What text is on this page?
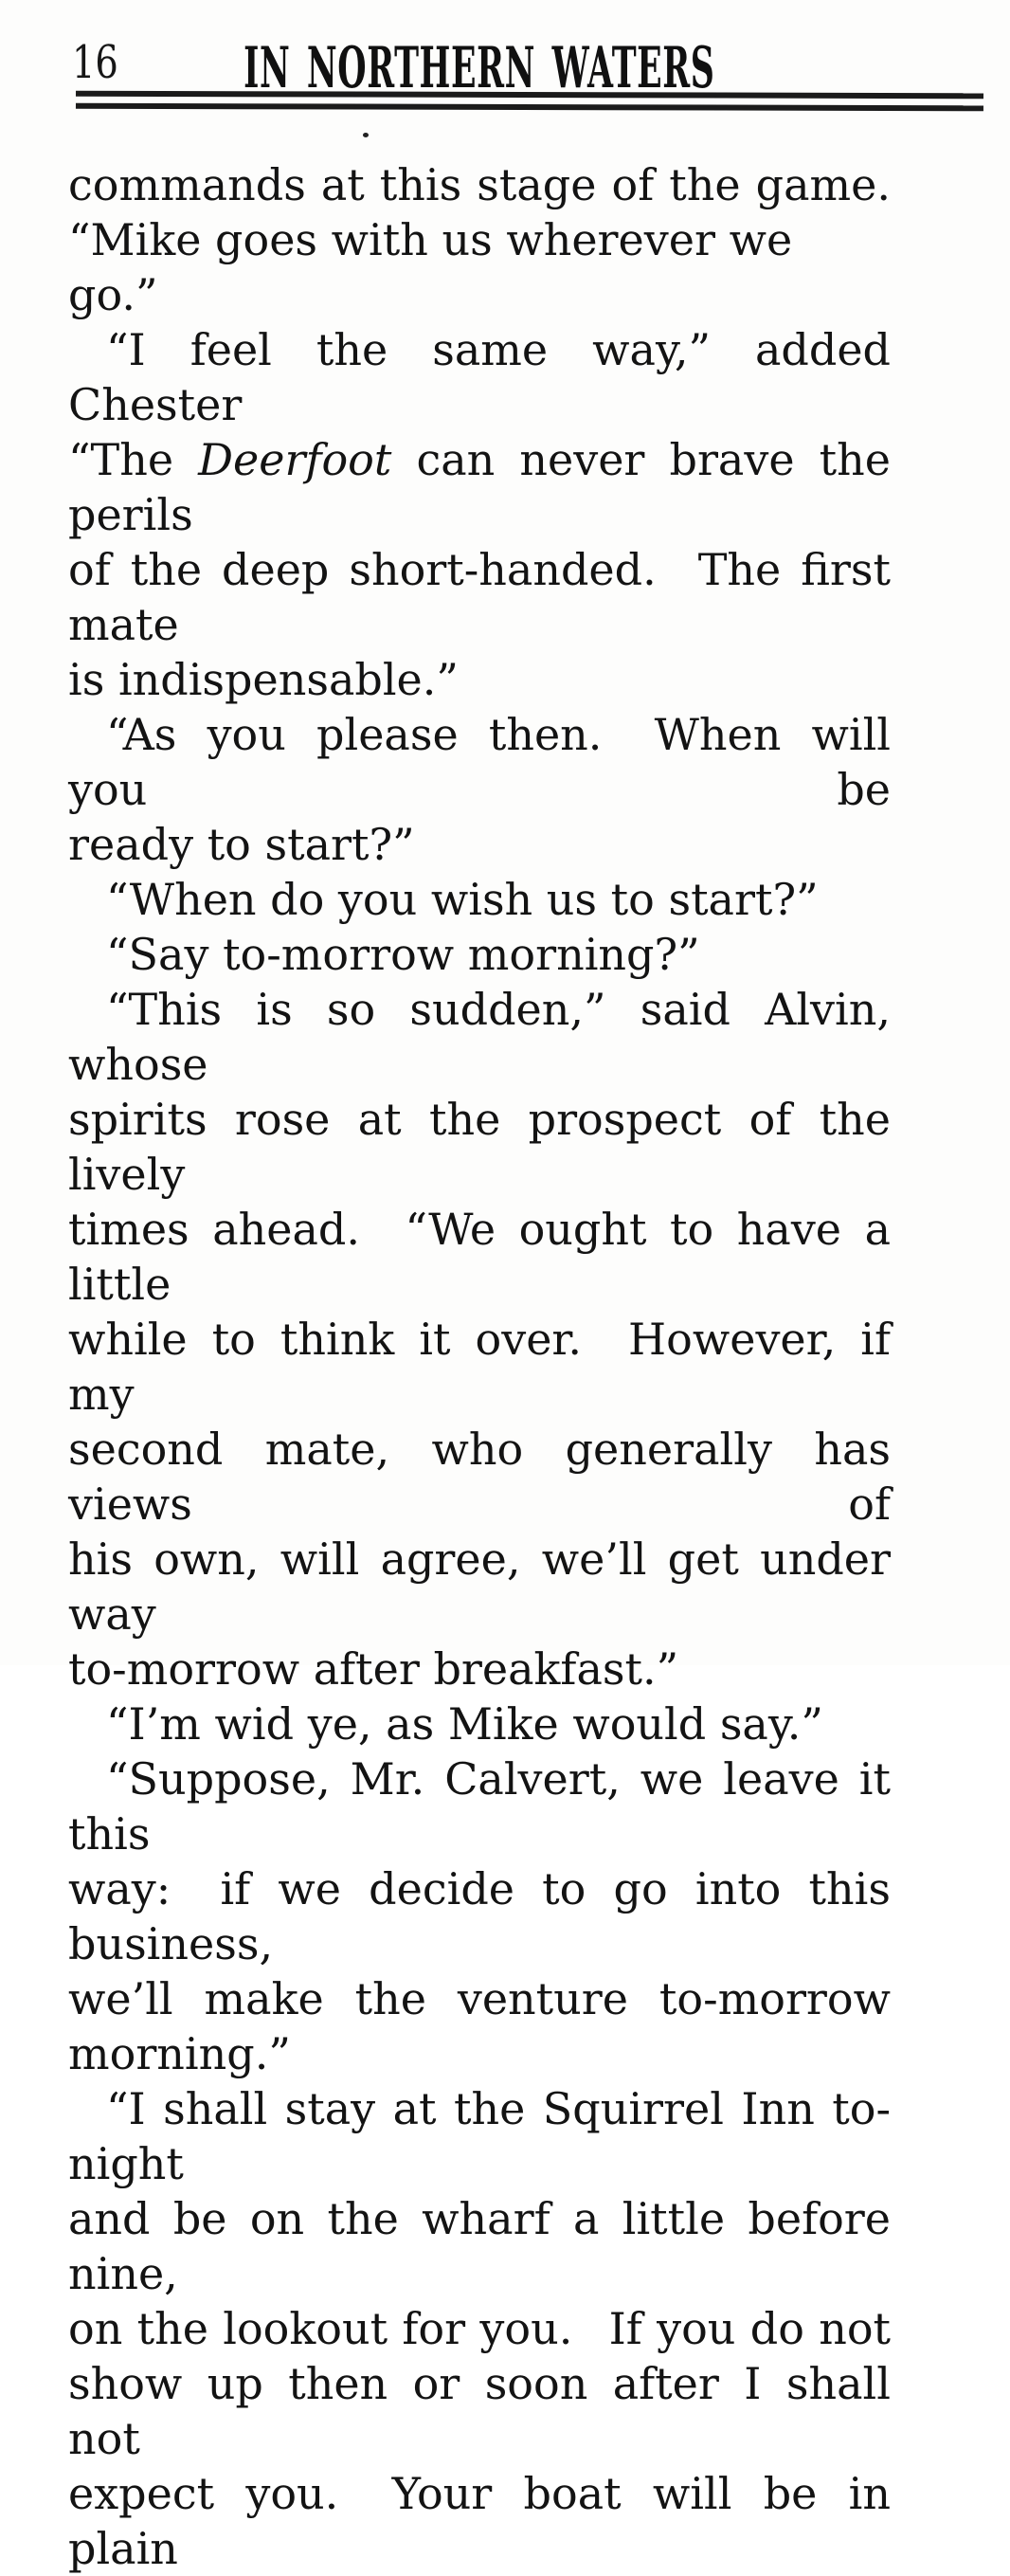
16 IN NORTHERN WATERS
commands at this stage of the game.
“Mike goes with us wherever we go.”
“I feel the same way,” added Chester
“The Deerfoot can never brave the perils
of the deep short-handed.  The first mate
is indispensable.”
“As you please then.  When will you be
ready to start?”
“When do you wish us to start?”
“Say to-morrow morning?”
“This is so sudden,” said Alvin, whose
spirits rose at the prospect of the lively
times ahead.  “We ought to have a little
while to think it over.  However, if my
second mate, who generally has views of
his own, will agree, we’ll get under way
to-morrow after breakfast.”
“I’m wid ye, as Mike would say.”
“Suppose, Mr. Calvert, we leave it this
way:  if we decide to go into this business,
we’ll make the venture to-morrow morning.”
“I shall stay at the Squirrel Inn to-night
and be on the wharf a little before nine,
on the lookout for you.  If you do not
show up then or soon after I shall not
expect you.  Your boat will be in plain
